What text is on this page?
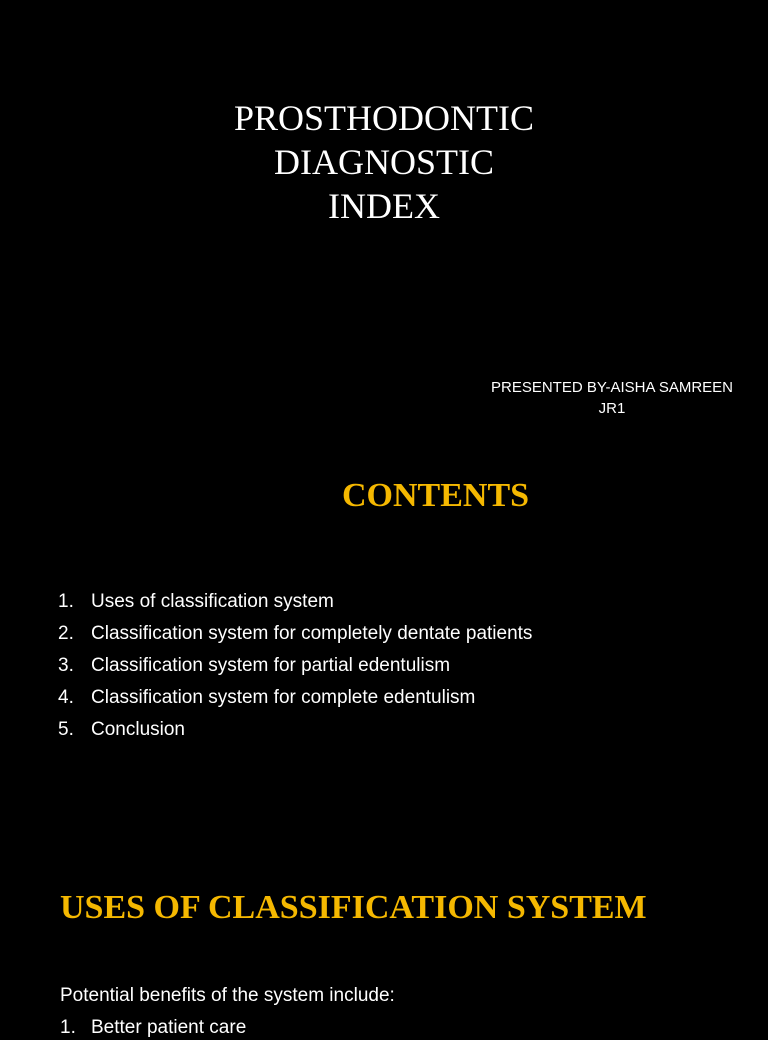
PROSTHODONTIC
DIAGNOSTIC
INDEX
PRESENTED BY-AISHA SAMREEN
JR1
CONTENTS
1. Uses of classification system
2. Classification system for completely dentate patients
3. Classification system for partial edentulism
4. Classification system for complete edentulism
5. Conclusion
USES OF CLASSIFICATION SYSTEM

Potential benefits of the system include:

1. Better patient care
